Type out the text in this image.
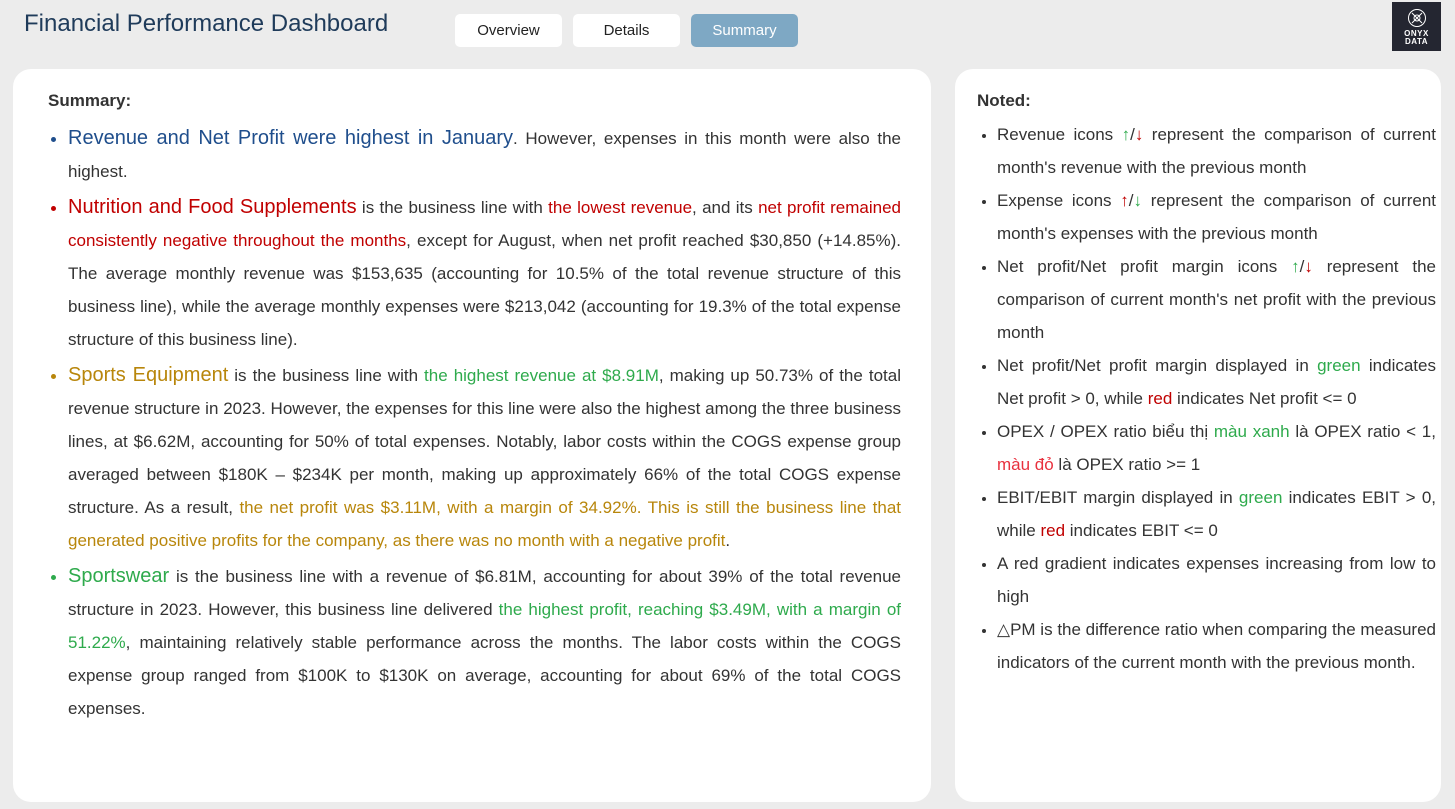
Financial Performance Dashboard	Overview	Details	Summary	ONYX
DATA
Summary:
• Revenue and Net Profit were highest in January. However, expenses in this month were also the highest.
• Nutrition and Food Supplements is the business line with the lowest revenue, and its net profit remained consistently negative throughout the months, except for August, when net profit reached $30,850 (+14.85%). The average monthly revenue was $153,635 (accounting for 10.5% of the total revenue structure of this business line), while the average monthly expenses were $213,042 (accounting for 19.3% of the total expense structure of this business line).
• Sports Equipment is the business line with the highest revenue at $8.91M, making up 50.73% of the total revenue structure in 2023. However, the expenses for this line were also the highest among the three business lines, at $6.62M, accounting for 50% of total expenses. Notably, labor costs within the COGS expense group averaged between $180K – $234K per month, making up approximately 66% of the total COGS expense structure. As a result, the net profit was $3.11M, with a margin of 34.92%. This is still the business line that generated positive profits for the company, as there was no month with a negative profit.
• Sportswear is the business line with a revenue of $6.81M, accounting for about 39% of the total revenue structure in 2023. However, this business line delivered the highest profit, reaching $3.49M, with a margin of 51.22%, maintaining relatively stable performance across the months. The labor costs within the COGS expense group ranged from $100K to $130K on average, accounting for about 69% of the total COGS expenses.
Noted:
• Revenue icons ↑/↓ represent the comparison of current month's revenue with the previous month
• Expense icons ↑/↓ represent the comparison of current month's expenses with the previous month
• Net profit/Net profit margin icons ↑/↓ represent the comparison of current month's net profit with the previous month
• Net profit/Net profit margin displayed in green indicates Net profit > 0, while red indicates Net profit <= 0
• OPEX / OPEX ratio biểu thị màu xanh là OPEX ratio < 1, màu đỏ là OPEX ratio >= 1
• EBIT/EBIT margin displayed in green indicates EBIT > 0, while red indicates EBIT <= 0
• A red gradient indicates expenses increasing from low to high
• △PM is the difference ratio when comparing the measured indicators of the current month with the previous month.
